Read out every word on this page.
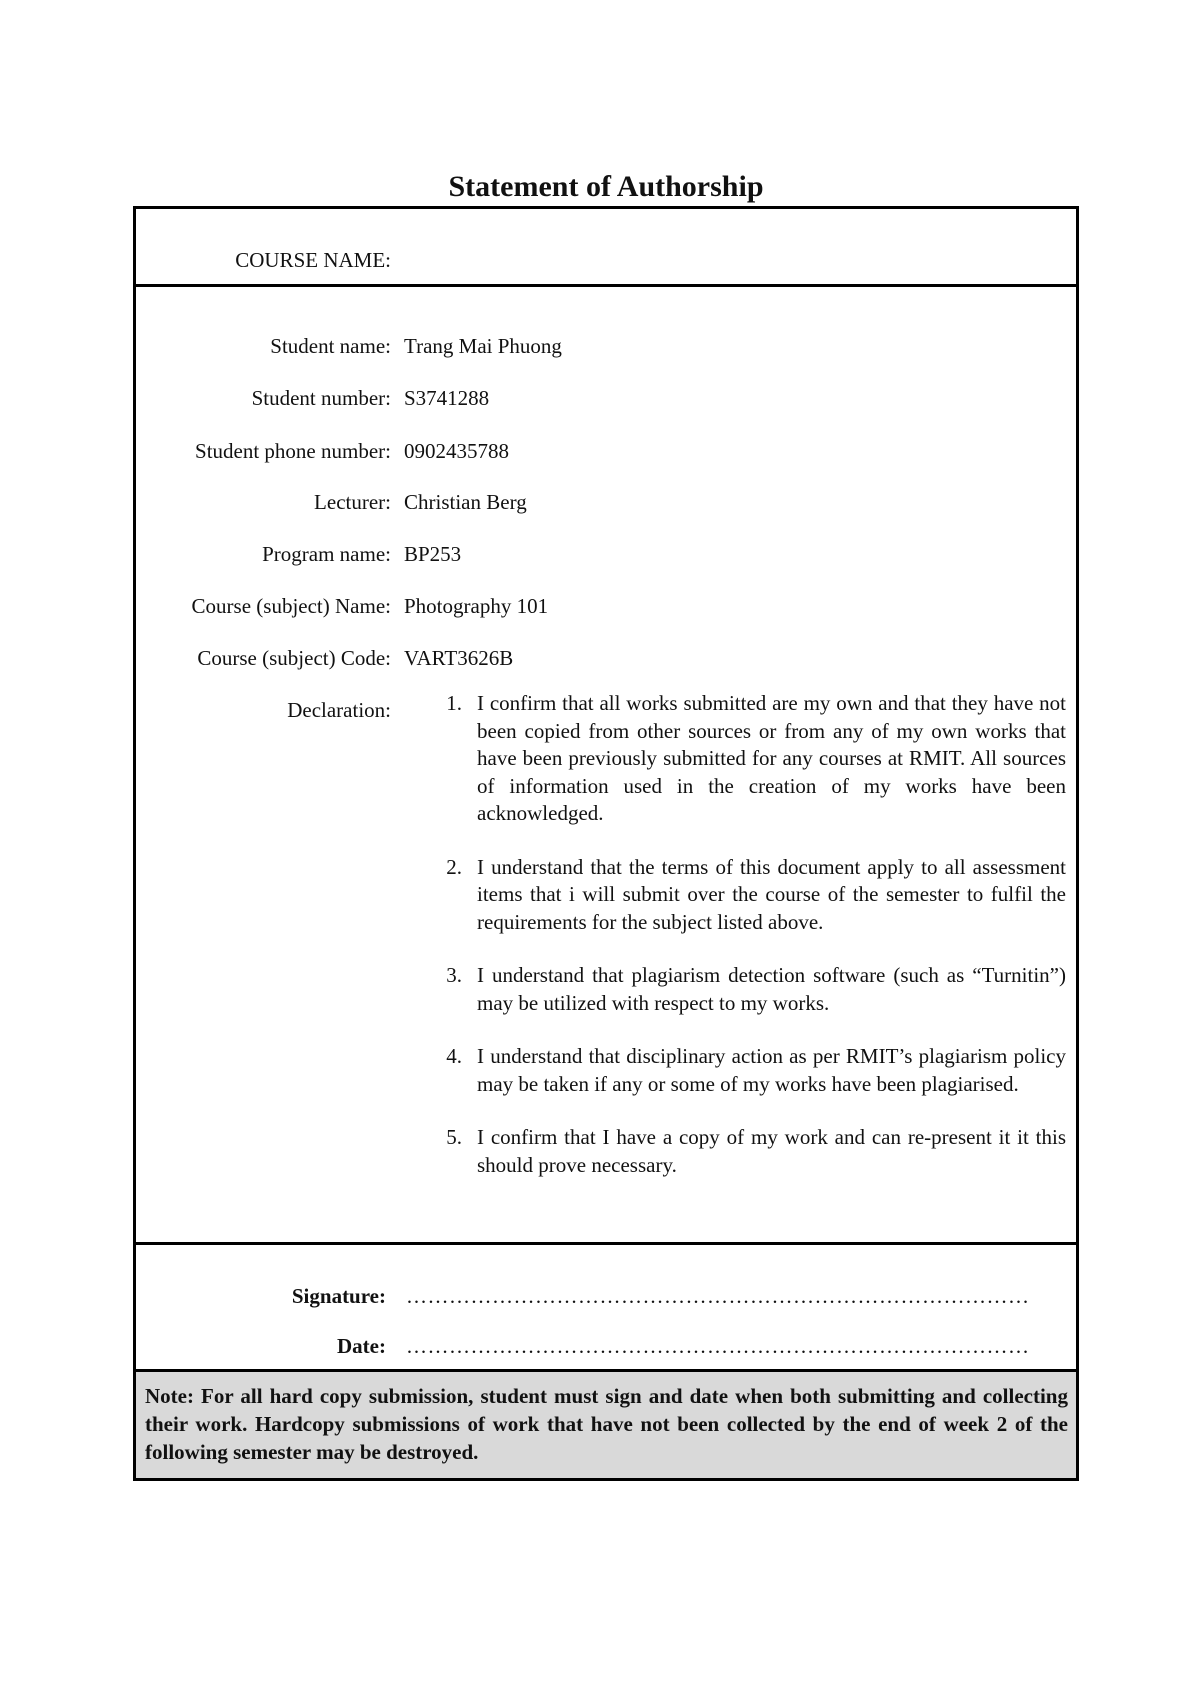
Statement of Authorship
COURSE NAME:
Student name: Trang Mai Phuong
Student number: S3741288
Student phone number: 0902435788
Lecturer: Christian Berg
Program name: BP253
Course (subject) Name: Photography 101
Course (subject) Code: VART3626B
Declaration:	1. I confirm that all works submitted are my own and that they have not been copied from other sources or from any of my own works that have been previously submitted for any courses at RMIT. All sources of information used in the creation of my works have been acknowledged.
2. I understand that the terms of this document apply to all assessment items that i will submit over the course of the semester to fulfil the requirements for the subject listed above.
3. I understand that plagiarism detection software (such as “Turnitin”) may be utilized with respect to my works.
4. I understand that disciplinary action as per RMIT’s plagiarism policy may be taken if any or some of my works have been plagiarised.
5. I confirm that I have a copy of my work and can re-present it it this should prove necessary.
Signature: ……………………………………………………………………………
Date: ……………………………………………………………………………
Note: For all hard copy submission, student must sign and date when both submitting and collecting their work. Hardcopy submissions of work that have not been collected by the end of week 2 of the following semester may be destroyed.
